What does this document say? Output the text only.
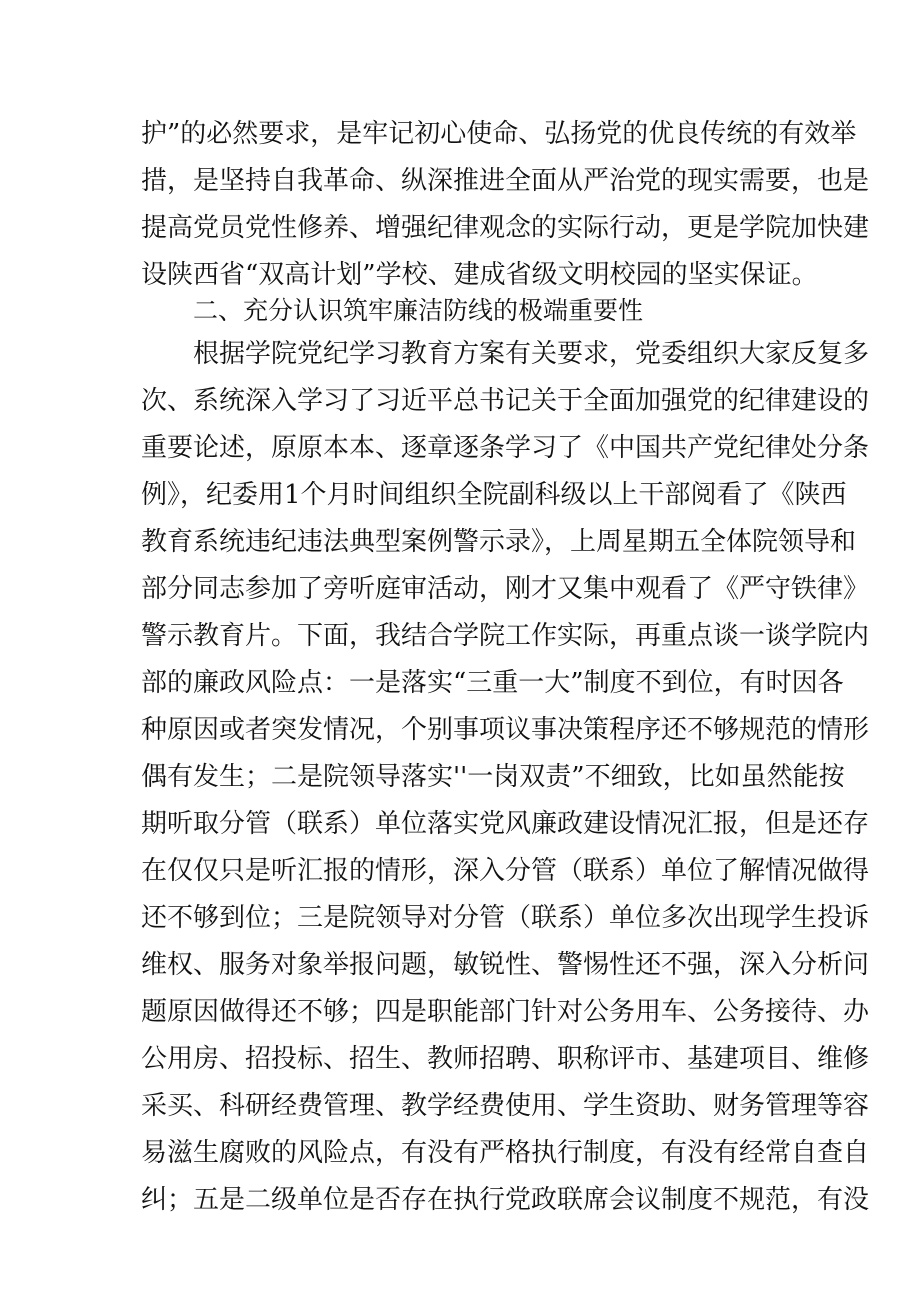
护”的必然要求，是牢记初心使命、弘扬党的优良传统的有效举
措，是坚持自我革命、纵深推进全面从严治党的现实需要，也是
提高党员党性修养、增强纪律观念的实际行动，更是学院加快建
设陕西省“双高计划”学校、建成省级文明校园的坚实保证。
二、充分认识筑牢廉洁防线的极端重要性
根据学院党纪学习教育方案有关要求，党委组织大家反复多
次、系统深入学习了习近平总书记关于全面加强党的纪律建设的
重要论述，原原本本、逐章逐条学习了《中国共产党纪律处分条
例》，纪委用1个月时间组织全院副科级以上干部阅看了《陕西
教育系统违纪违法典型案例警示录》，上周星期五全体院领导和
部分同志参加了旁听庭审活动，刚才又集中观看了《严守铁律》
警示教育片。下面，我结合学院工作实际，再重点谈一谈学院内
部的廉政风险点：一是落实“三重一大”制度不到位，有时因各
种原因或者突发情况，个别事项议事决策程序还不够规范的情形
偶有发生；二是院领导落实''一岗双责”不细致，比如虽然能按
期听取分管（联系）单位落实党风廉政建设情况汇报，但是还存
在仅仅只是听汇报的情形，深入分管（联系）单位了解情况做得
还不够到位；三是院领导对分管（联系）单位多次出现学生投诉
维权、服务对象举报问题，敏锐性、警惕性还不强，深入分析问
题原因做得还不够；四是职能部门针对公务用车、公务接待、办
公用房、招投标、招生、教师招聘、职称评市、基建项目、维修
采买、科研经费管理、教学经费使用、学生资助、财务管理等容
易滋生腐败的风险点，有没有严格执行制度，有没有经常自查自
纠；五是二级单位是否存在执行党政联席会议制度不规范，有没
